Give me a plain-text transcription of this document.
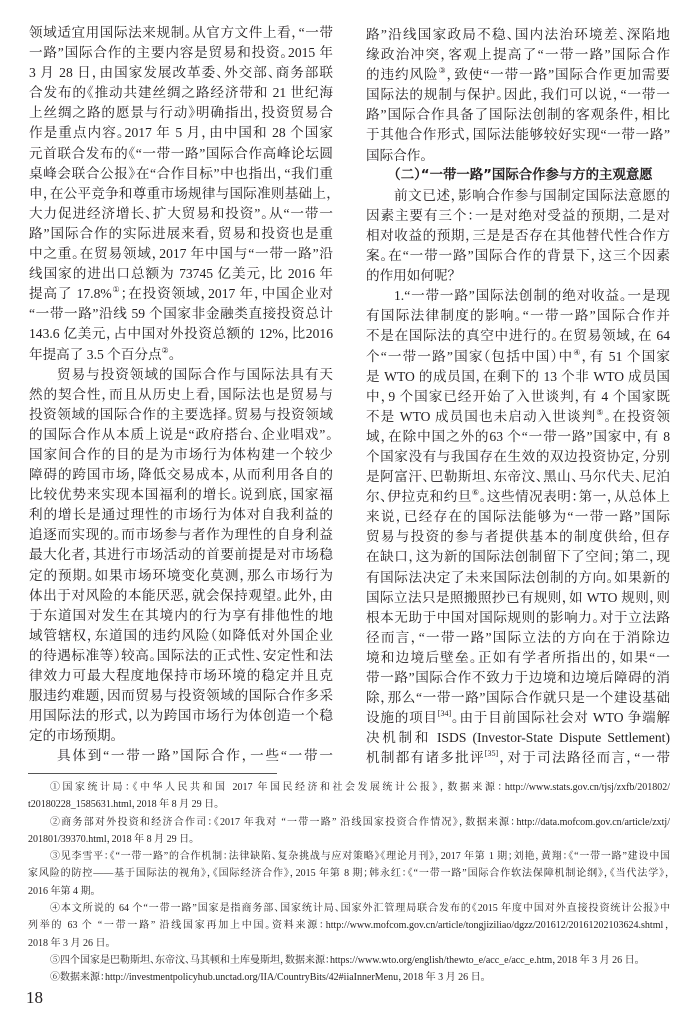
领域适宜用国际法来规制。从官方文件上看，“一带
一路”国际合作的主要内容是贸易和投资。2015 年
3 月 28 日，由国家发展改革委、外交部、商务部联
合发布的《推动共建丝绸之路经济带和 21 世纪海
上丝绸之路的愿景与行动》明确指出，投资贸易合
作是重点内容。2017 年 5 月，由中国和 28 个国家
元首联合发布的《“一带一路”国际合作高峰论坛圆
桌峰会联合公报》在“合作目标”中也指出，“我们重
申，在公平竞争和尊重市场规律与国际准则基础上，
大力促进经济增长、扩大贸易和投资”。从“一带一
路”国际合作的实际进展来看，贸易和投资也是重
中之重。在贸易领域，2017 年中国与“一带一路”沿
线国家的进出口总额为 73745 亿美元，比 2016 年
提高了 17.8%①；在投资领域，2017 年，中国企业对
“一带一路”沿线 59 个国家非金融类直接投资总计
143.6 亿美元，占中国对外投资总额的 12%，比2016
年提高了 3.5 个百分点②。
贸易与投资领域的国际合作与国际法具有天
然的契合性，而且从历史上看，国际法也是贸易与
投资领域的国际合作的主要选择。贸易与投资领域
的国际合作从本质上说是“政府搭台、企业唱戏”。
国家间合作的目的是为市场行为体构建一个较少
障碍的跨国市场，降低交易成本，从而利用各自的
比较优势来实现本国福利的增长。说到底，国家福
利的增长是通过理性的市场行为体对自我利益的
追逐而实现的。而市场参与者作为理性的自身利益
最大化者，其进行市场活动的首要前提是对市场稳
定的预期。如果市场环境变化莫测，那么市场行为
体出于对风险的本能厌恶，就会保持观望。此外，由
于东道国对发生在其境内的行为享有排他性的地
域管辖权，东道国的违约风险（如降低对外国企业
的待遇标准等）较高。国际法的正式性、安定性和法
律效力可最大程度地保持市场环境的稳定并且克
服违约难题，因而贸易与投资领域的国际合作多采
用国际法的形式，以为跨国市场行为体创造一个稳
定的市场预期。
具体到“一带一路”国际合作，一些“一带一
路”沿线国家政局不稳、国内法治环境差、深陷地
缘政治冲突，客观上提高了“一带一路”国际合作
的违约风险③，致使“一带一路”国际合作更加需要
国际法的规制与保护。因此，我们可以说，“一带一
路”国际合作具备了国际法创制的客观条件，相比
于其他合作形式，国际法能够较好实现“一带一路”
国际合作。
（二）“一带一路”国际合作参与方的主观意愿
前文已述，影响合作参与国制定国际法意愿的
因素主要有三个：一是对绝对受益的预期，二是对
相对收益的预期，三是是否存在其他替代性合作方
案。在“一带一路”国际合作的背景下，这三个因素
的作用如何呢？
1.“一带一路”国际法创制的绝对收益。一是现
有国际法律制度的影响。“一带一路”国际合作并
不是在国际法的真空中进行的。在贸易领域，在 64
个“一带一路”国家（包括中国）中④，有 51 个国家
是 WTO 的成员国，在剩下的 13 个非 WTO 成员国
中，9 个国家已经开始了入世谈判，有 4 个国家既
不是 WTO 成员国也未启动入世谈判⑤。在投资领
域，在除中国之外的63 个“一带一路”国家中，有 8
个国家没有与我国存在生效的双边投资协定，分别
是阿富汗、巴勒斯坦、东帝汶、黑山、马尔代夫、尼泊
尔、伊拉克和约旦⑥。这些情况表明：第一，从总体上
来说，已经存在的国际法能够为“一带一路”国际
贸易与投资的参与者提供基本的制度供给，但存
在缺口，这为新的国际法创制留下了空间；第二，现
有国际法决定了未来国际法创制的方向。如果新的
国际立法只是照搬照抄已有规则，如 WTO 规则，则
根本无助于中国对国际规则的影响力。对于立法路
径而言，“一带一路”国际立法的方向在于消除边
境和边境后壁垒。正如有学者所指出的，如果“一
带一路”国际合作不致力于边境和边境后障碍的消
除，那么“一带一路”国际合作就只是一个建设基础
设施的项目[34]。由于目前国际社会对 WTO 争端解
决机制和 ISDS (Investor-State Dispute Settlement)
机制都有诸多批评[35]，对于司法路径而言，“一带
①国家统计局：《中华人民共和国 2017 年国民经济和社会发展统计公报》，数据来源：http://www.stats.gov.cn/tjsj/zxfb/201802/
t20180228_1585631.html，2018 年 8 月 29 日。
②商务部对外投资和经济合作司：《2017 年我对 “一带一路” 沿线国家投资合作情况》，数据来源：http://data.mofcom.gov.cn/article/zxtj/
201801/39370.html，2018 年 8 月 29 日。
③见李雪平：《“一带一路”的合作机制：法律缺陷、复杂挑战与应对策略》《理论月刊》，2017 年第 1 期；刘艳，黄翔：《“一带一路”建设中国
家风险的防控——基于国际法的视角》，《国际经济合作》，2015 年第 8 期；韩永红：《“一带一路”国际合作软法保障机制论纲》，《当代法学》，
2016 年第 4 期。
④本文所说的 64 个“一带一路”国家是指商务部、国家统计局、国家外汇管理局联合发布的《2015 年度中国对外直接投资统计公报》中
列举的 63 个 “一带一路” 沿线国家再加上中国。资料来源：http://www.mofcom.gov.cn/article/tongjiziliao/dgzz/201612/20161202103624.shtml，
2018 年 3 月 26 日。
⑤四个国家是巴勒斯坦、东帝汶、马其顿和土库曼斯坦，数据来源：https://www.wto.org/english/thewto_e/acc_e/acc_e.htm，2018 年 3 月 26 日。
⑥数据来源：http://investmentpolicyhub.unctad.org/IIA/CountryBits/42#iiaInnerMenu，2018 年 3 月 26 日。
18
